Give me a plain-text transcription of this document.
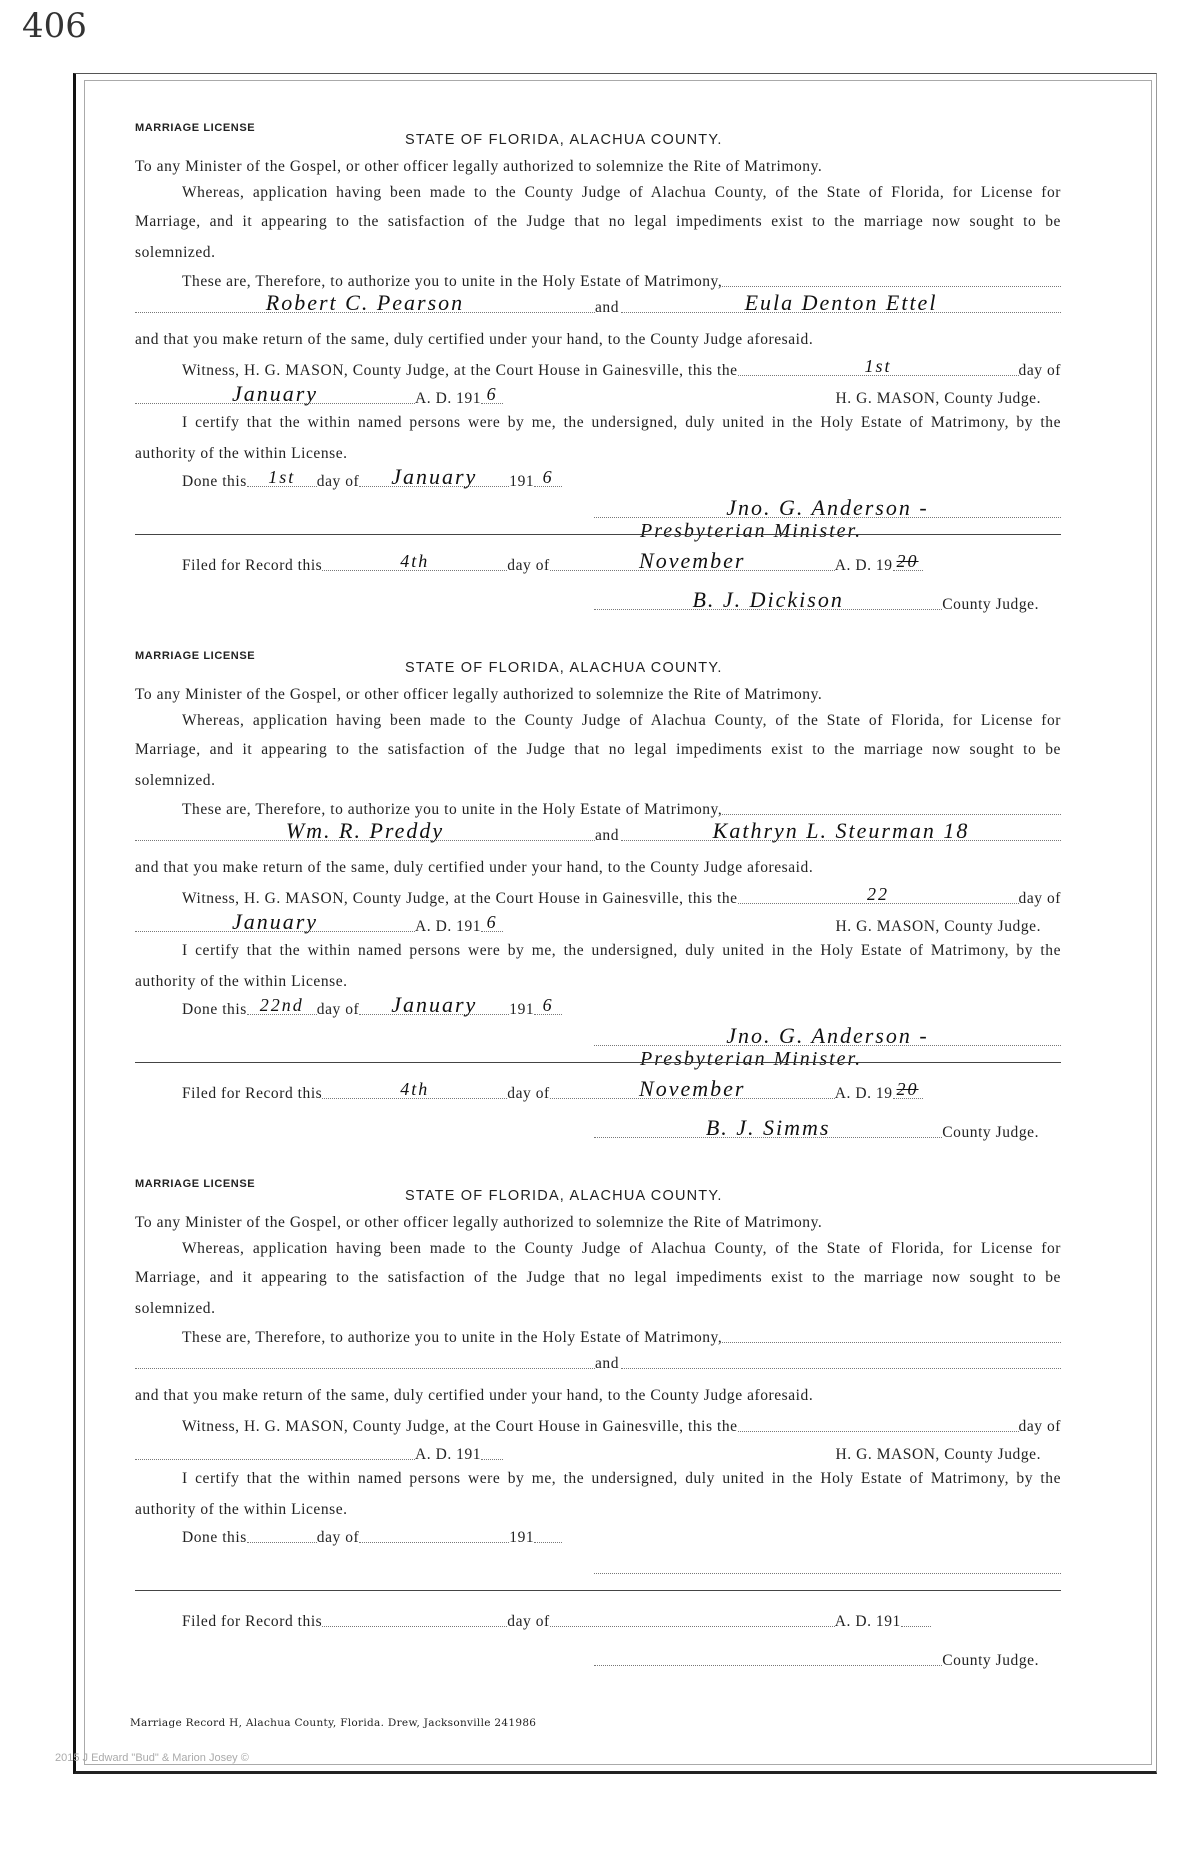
406
MARRIAGE LICENSE
STATE OF FLORIDA, ALACHUA COUNTY.
To any Minister of the Gospel, or other officer legally authorized to solemnize the Rite of Matrimony.
Whereas, application having been made to the County Judge of Alachua County, of the State of Florida, for License for
Marriage, and it appearing to the satisfaction of the Judge that no legal impediments exist to the marriage now sought to be
solemnized.
These are, Therefore, to authorize you to unite in the Holy Estate of Matrimony,
Robert C. Pearson	and	Eula Denton Ettel
and that you make return of the same, duly certified under your hand, to the County Judge aforesaid.
Witness, H. G. MASON, County Judge, at the Court House in Gainesville, this the	1st	day of
January	A. D. 191 6	H. G. MASON, County Judge.
I certify that the within named persons were by me, the undersigned, duly united in the Holy Estate of Matrimony, by the
authority of the within License.
Done this 1st day of January 191 6
Jno. G. Anderson -
Presbyterian Minister.
Filed for Record this	4th	day of	November	A. D. 19 20
B. J. Dickison	County Judge.
MARRIAGE LICENSE
STATE OF FLORIDA, ALACHUA COUNTY.
To any Minister of the Gospel, or other officer legally authorized to solemnize the Rite of Matrimony.
Whereas, application having been made to the County Judge of Alachua County, of the State of Florida, for License for
Marriage, and it appearing to the satisfaction of the Judge that no legal impediments exist to the marriage now sought to be
solemnized.
These are, Therefore, to authorize you to unite in the Holy Estate of Matrimony,
Wm. R. Preddy	and	Kathryn L. Steurman 18
and that you make return of the same, duly certified under your hand, to the County Judge aforesaid.
Witness, H. G. MASON, County Judge, at the Court House in Gainesville, this the	22	day of
January	A. D. 191 6	H. G. MASON, County Judge.
I certify that the within named persons were by me, the undersigned, duly united in the Holy Estate of Matrimony, by the
authority of the within License.
Done this 22nd day of January 191 6
Jno. G. Anderson -
Presbyterian Minister.
Filed for Record this	4th	day of	November	A. D. 19 20
B. J. Simms	County Judge.
MARRIAGE LICENSE
STATE OF FLORIDA, ALACHUA COUNTY.
To any Minister of the Gospel, or other officer legally authorized to solemnize the Rite of Matrimony.
Whereas, application having been made to the County Judge of Alachua County, of the State of Florida, for License for
Marriage, and it appearing to the satisfaction of the Judge that no legal impediments exist to the marriage now sought to be
solemnized.
These are, Therefore, to authorize you to unite in the Holy Estate of Matrimony,
and
and that you make return of the same, duly certified under your hand, to the County Judge aforesaid.
Witness, H. G. MASON, County Judge, at the Court House in Gainesville, this the	day of
A. D. 191	H. G. MASON, County Judge.
I certify that the within named persons were by me, the undersigned, duly united in the Holy Estate of Matrimony, by the
authority of the within License.
Done this	day of	191
Filed for Record this	day of	A. D. 191
County Judge.
Marriage Record H, Alachua County, Florida. Drew, Jacksonville 241986
2015 J Edward "Bud" & Marion Josey ©
